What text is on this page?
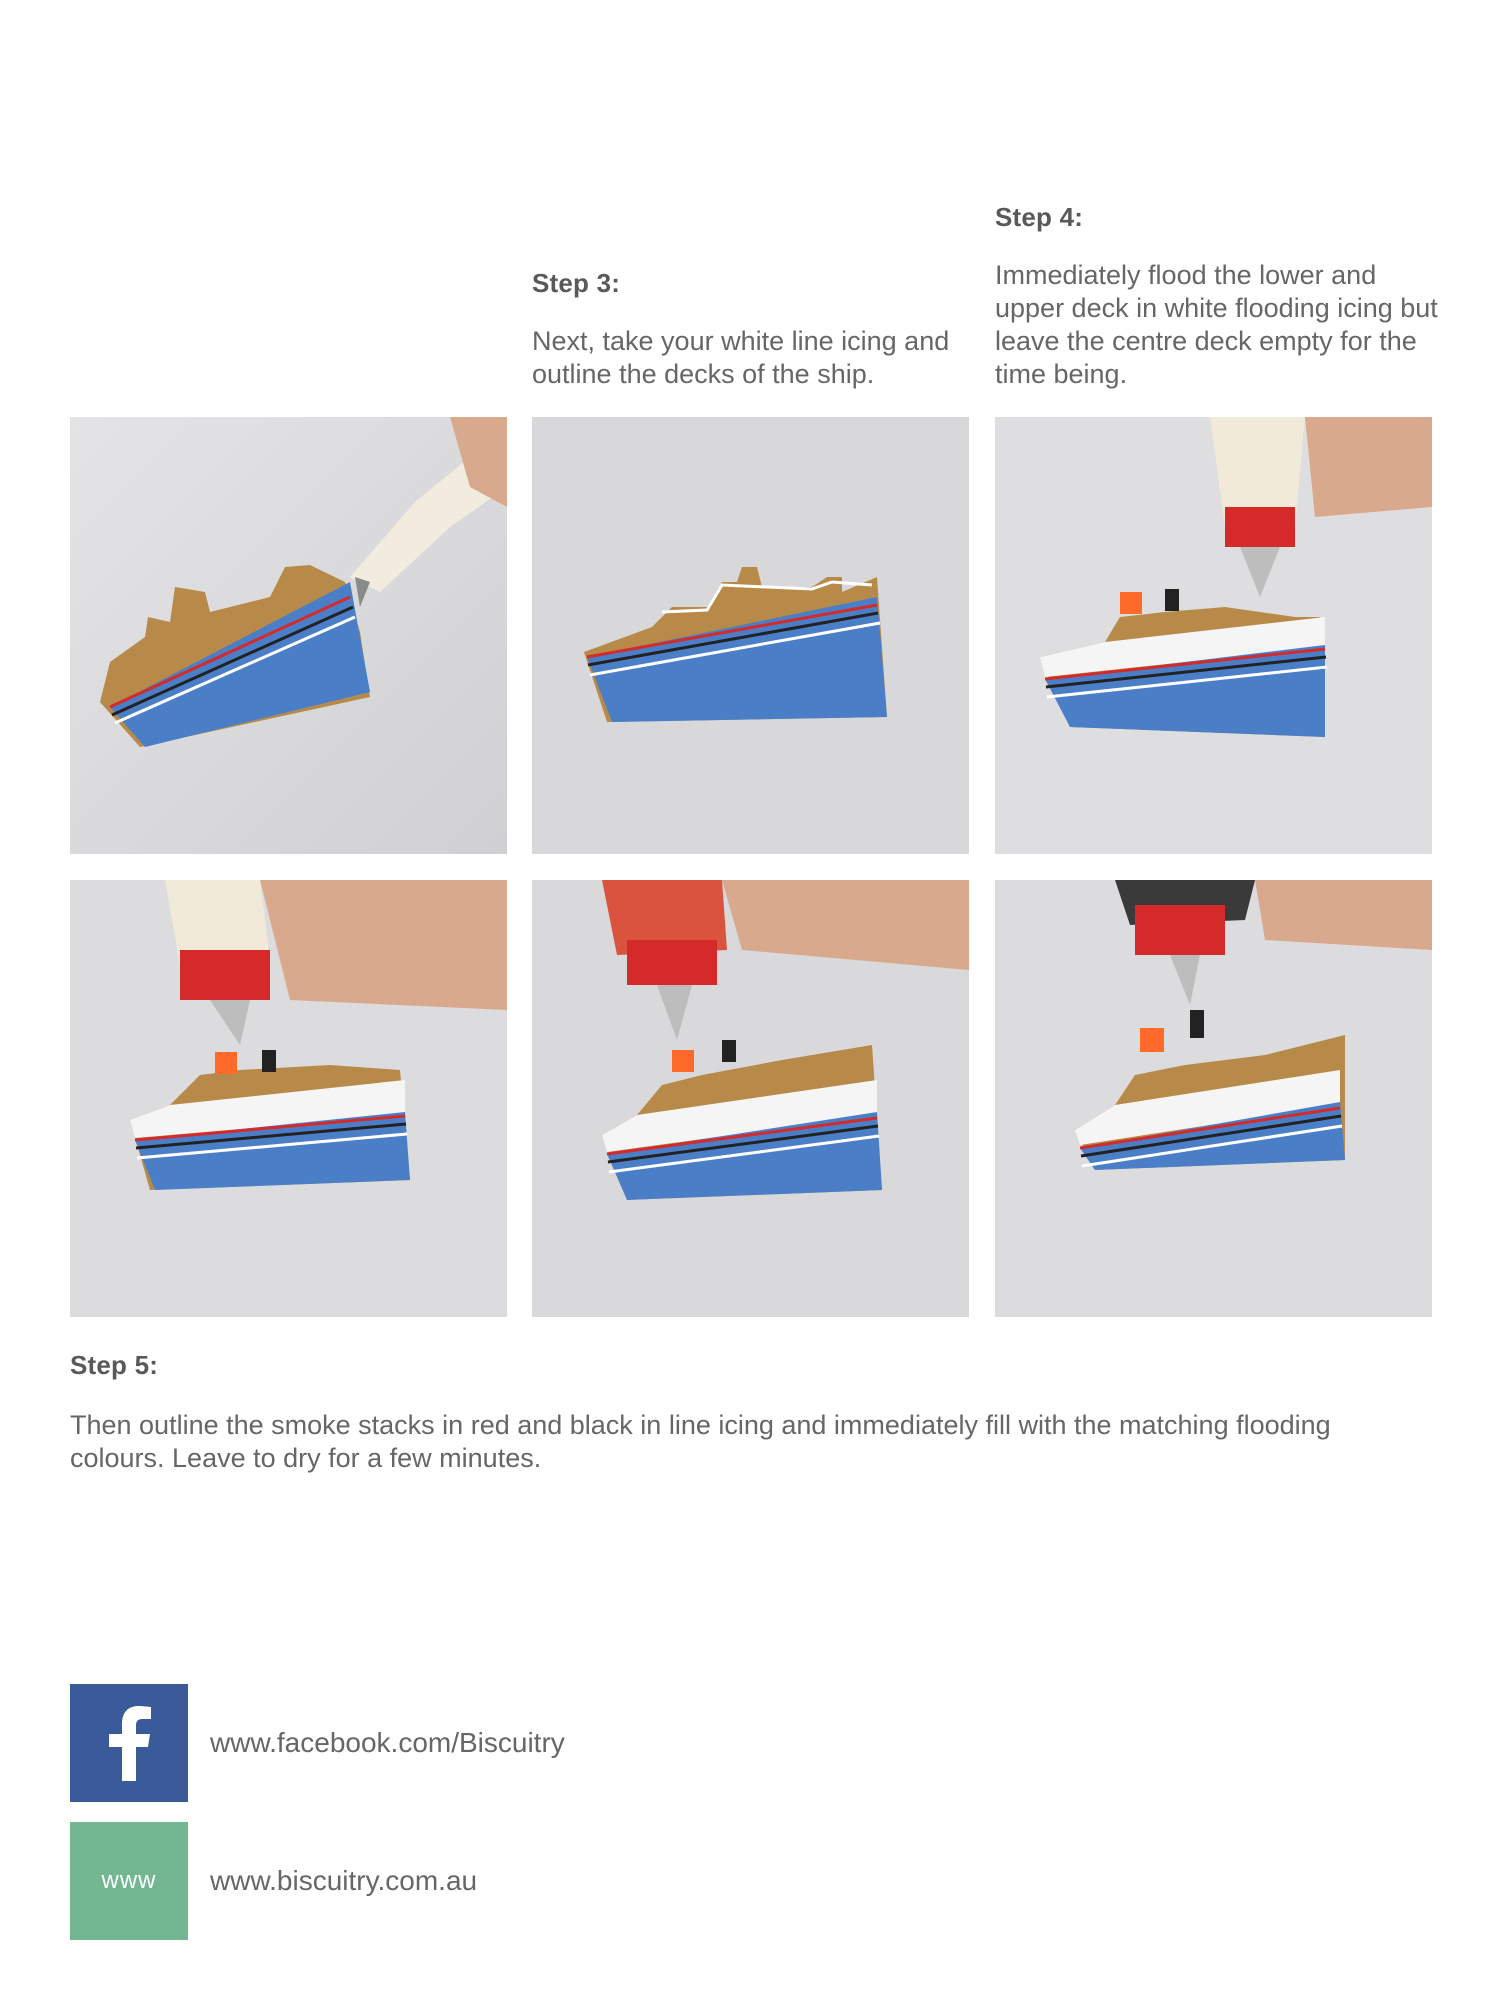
Step 3:

Next, take your white line icing and outline the decks of the ship.

Step 4:

Immediately flood the lower and upper deck in white flooding icing but leave the centre deck empty for the time being.

Step 5:

Then outline the smoke stacks in red and black in line icing and immediately fill with the matching flooding colours. Leave to dry for a few minutes.

www.facebook.com/Biscuitry
www www.biscuitry.com.au
